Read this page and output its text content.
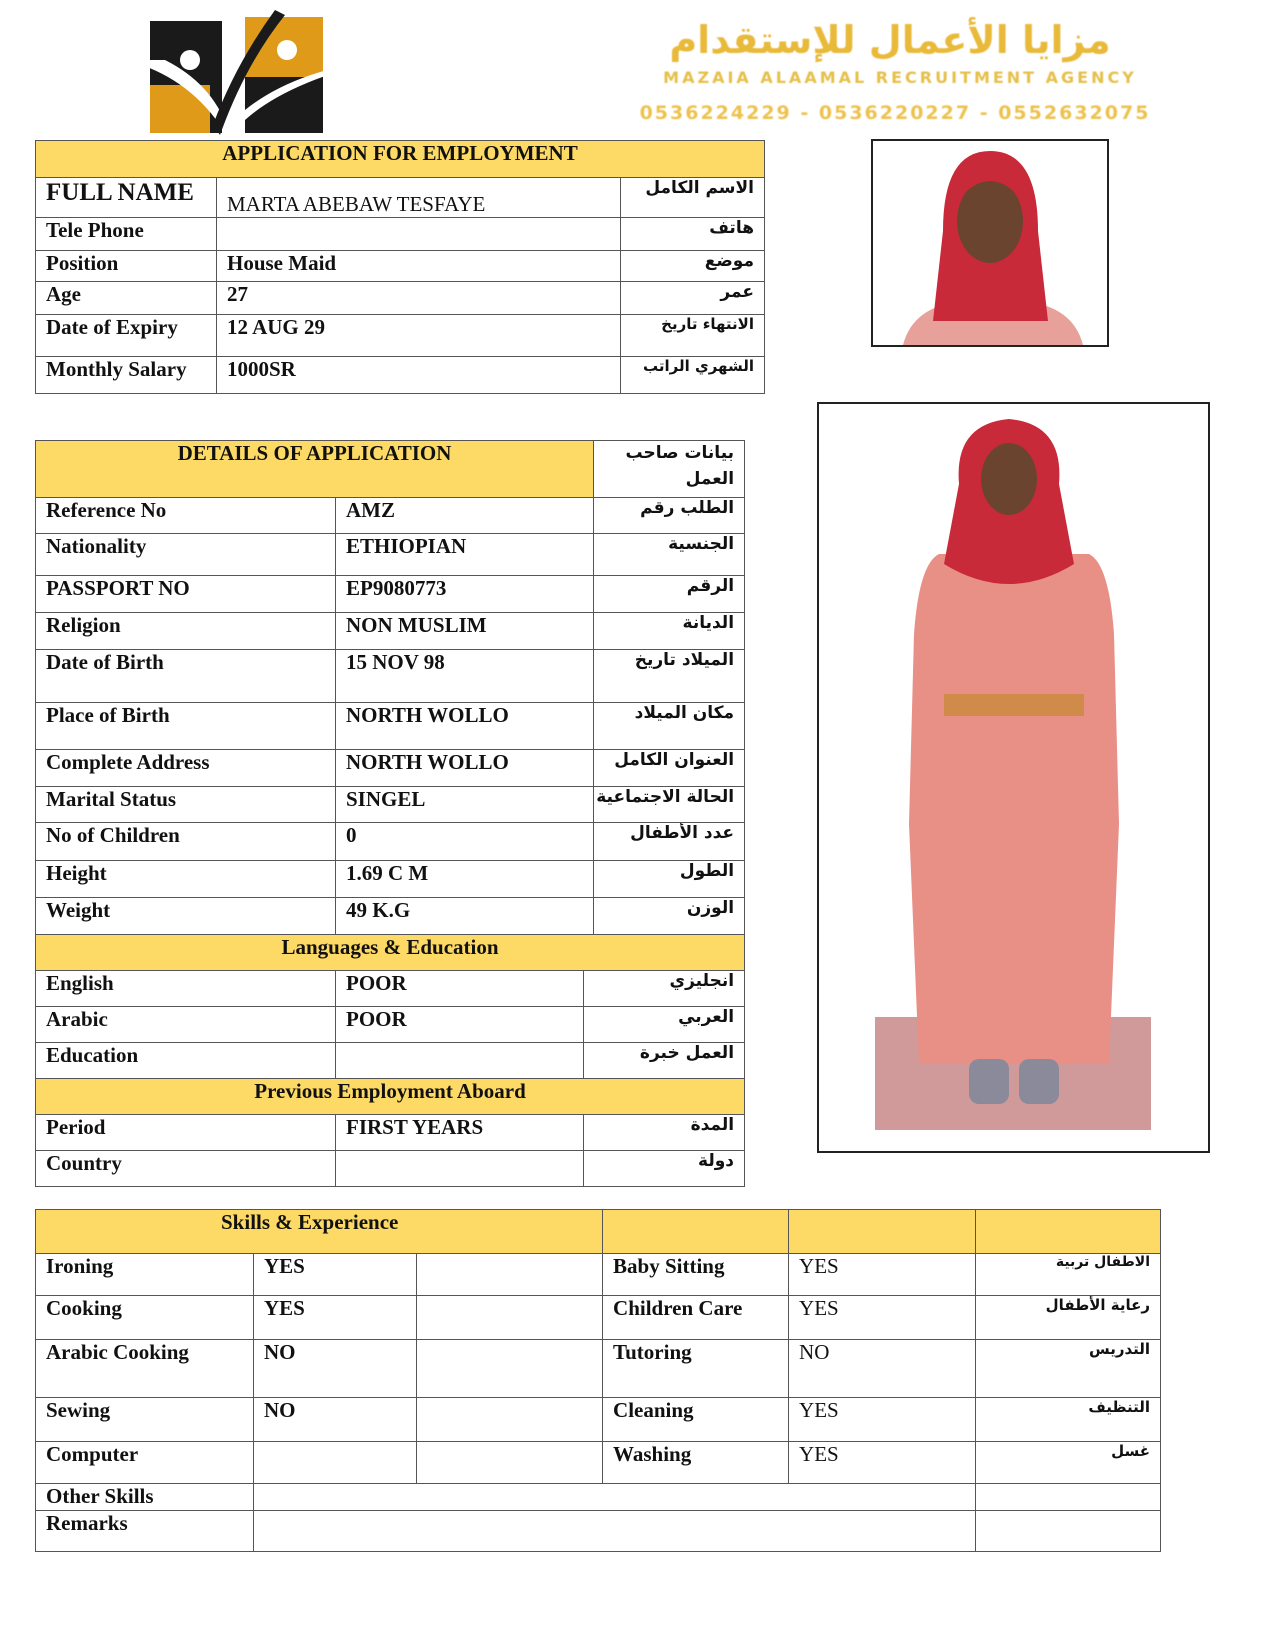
مزايا الأعمال للإستقدام
MAZAIA ALAAMAL RECRUITMENT AGENCY
0536224229 - 0536220227 - 0552632075
APPLICATION FOR EMPLOYMENT		
FULL NAME	MARTA ABEBAW TESFAYE	الاسم الكامل
Tele Phone		هاتف
Position	House Maid	موضع
Age	27	عمر
Date of Expiry	12 AUG 29	الانتهاء تاريخ
Monthly Salary	1000SR	الشهري الراتب
DETAILS OF APPLICATION			بيانات صاحب العمل
Reference No	AMZ		الطلب رقم
Nationality	ETHIOPIAN		الجنسية
PASSPORT NO	EP9080773		الرقم
Religion	NON MUSLIM		الديانة
Date of Birth	15 NOV 98		الميلاد تاريخ
Place of Birth	NORTH WOLLO		مكان الميلاد
Complete Address	NORTH WOLLO		العنوان الكامل
Marital Status	SINGEL		الحالة الاجتماعية
No of Children	0		عدد الأطفال
Height	1.69 C M		الطول
Weight	49 K.G		الوزن
Languages & Education			
English	POOR	انجليزي	
Arabic	POOR	العربي	
Education		العمل خبرة	
Previous Employment Aboard			
Period	FIRST YEARS	المدة	
Country		دولة	
Skills & Experience					
Ironing	YES		Baby Sitting	YES	الاطفال تربية
Cooking	YES		Children Care	YES	رعاية الأطفال
Arabic Cooking	NO		Tutoring	NO	التدريس
Sewing	NO		Cleaning	YES	التنظيف
Computer			Washing	YES	غسل
Other Skills					
Remarks					
